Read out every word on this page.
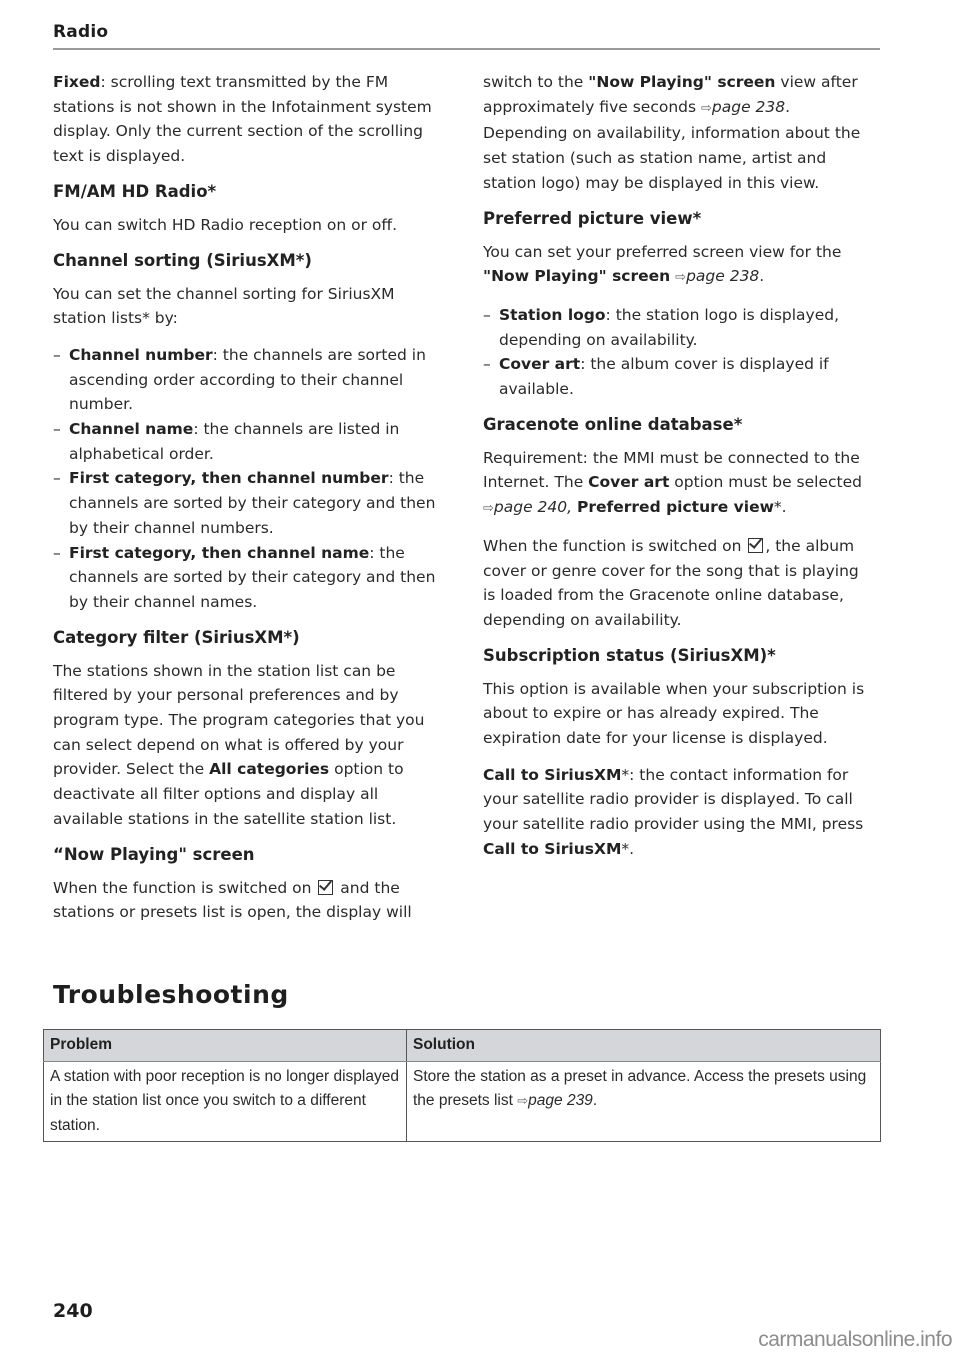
Radio

Fixed: scrolling text transmitted by the FM stations is not shown in the Infotainment system display. Only the current section of the scrolling text is displayed.

FM/AM HD Radio*

You can switch HD Radio reception on or off.

Channel sorting (SiriusXM*)

You can set the channel sorting for SiriusXM station lists* by:

– Channel number: the channels are sorted in ascending order according to their channel number.
– Channel name: the channels are listed in alphabetical order.
– First category, then channel number: the channels are sorted by their category and then by their channel numbers.
– First category, then channel name: the channels are sorted by their category and then by their channel names.
Category filter (SiriusXM*)

The stations shown in the station list can be filtered by your personal preferences and by program type. The program categories that you can select depend on what is offered by your provider. Select the All categories option to deactivate all filter options and display all available stations in the satellite station list.

“Now Playing" screen

When the function is switched on  and the stations or presets list is open, the display will

switch to the "Now Playing" screen view after approximately five seconds ⇨page 238. Depending on availability, information about the set station (such as station name, artist and station logo) may be displayed in this view.

Preferred picture view*

You can set your preferred screen view for the "Now Playing" screen ⇨page 238.

– Station logo: the station logo is displayed, depending on availability.
– Cover art: the album cover is displayed if available.
Gracenote online database*

Requirement: the MMI must be connected to the Internet. The Cover art option must be selected ⇨page 240, Preferred picture view*.

When the function is switched on , the album cover or genre cover for the song that is playing is loaded from the Gracenote online database, depending on availability.

Subscription status (SiriusXM)*

This option is available when your subscription is about to expire or has already expired. The expiration date for your license is displayed.

Call to SiriusXM*: the contact information for your satellite radio provider is displayed. To call your satellite radio provider using the MMI, press Call to SiriusXM*.

Troubleshooting
Problem	Solution
A station with poor reception is no longer displayed in the station list once you switch to a different station.	Store the station as a preset in advance. Access the presets using the presets list ⇨page 239.
240
carmanualsonline.info
